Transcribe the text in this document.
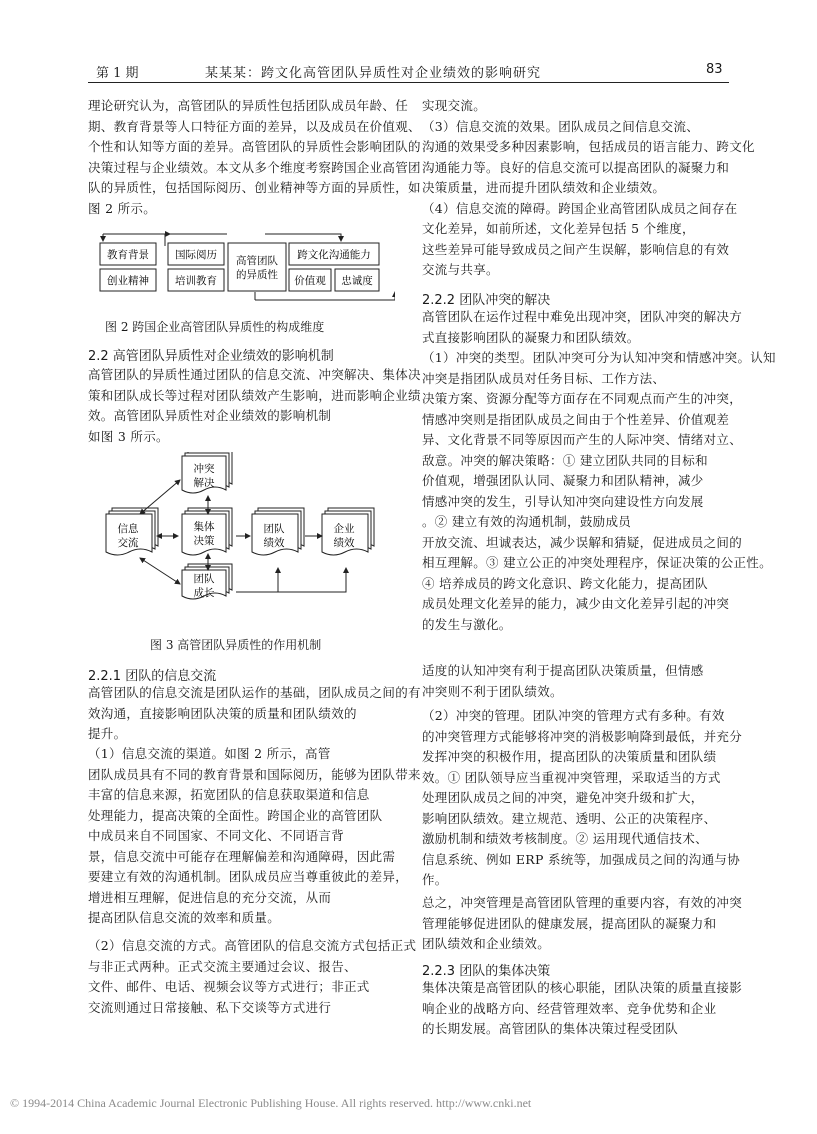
第 1 期	某某某：跨文化高管团队异质性对企业绩效的影响研究	83
理论研究认为，高管团队的异质性包括团队成员年龄、任
期、教育背景等人口特征方面的差异，以及成员在价值观、
个性和认知等方面的差异。高管团队的异质性会影响团队的
决策过程与企业绩效。本文从多个维度考察跨国企业高管团
队的异质性，包括国际阅历、创业精神等方面的异质性，如
图 2 所示。
教育背景
创业精神
国际阅历
培训教育
高管团队
的异质性
跨文化沟通能力
价值观 忠诚度
图 2 跨国企业高管团队异质性的构成维度
2.2 高管团队异质性对企业绩效的影响机制
高管团队的异质性通过团队的信息交流、冲突解决、集体决
策和团队成长等过程对团队绩效产生影响，进而影响企业绩
效。高管团队异质性对企业绩效的影响机制
如图 3 所示。
冲突
解决
信息
交流
集体
决策
团队
绩效
企业
绩效
团队
成长
图 3 高管团队异质性的作用机制
2.2.1 团队的信息交流
高管团队的信息交流是团队运作的基础，团队成员之间的有
效沟通，直接影响团队决策的质量和团队绩效的
提升。
（1）信息交流的渠道。如图 2 所示，高管
团队成员具有不同的教育背景和国际阅历，能够为团队带来
丰富的信息来源，拓宽团队的信息获取渠道和信息
处理能力，提高决策的全面性。跨国企业的高管团队
中成员来自不同国家、不同文化、不同语言背
景，信息交流中可能存在理解偏差和沟通障碍，因此需
要建立有效的沟通机制。团队成员应当尊重彼此的差异，
增进相互理解，促进信息的充分交流，从而
提高团队信息交流的效率和质量。
（2）信息交流的方式。高管团队的信息交流方式包括正式
与非正式两种。正式交流主要通过会议、报告、
文件、邮件、电话、视频会议等方式进行；非正式
交流则通过日常接触、私下交谈等方式进行
实现交流。
（3）信息交流的效果。团队成员之间信息交流、
沟通的效果受多种因素影响，包括成员的语言能力、跨文化
沟通能力等。良好的信息交流可以提高团队的凝聚力和
决策质量，进而提升团队绩效和企业绩效。
（4）信息交流的障碍。跨国企业高管团队成员之间存在
文化差异，如前所述，文化差异包括 5 个维度，
这些差异可能导致成员之间产生误解，影响信息的有效
交流与共享。
2.2.2 团队冲突的解决
高管团队在运作过程中难免出现冲突，团队冲突的解决方
式直接影响团队的凝聚力和团队绩效。
（1）冲突的类型。团队冲突可分为认知冲突和情感冲突。认知
冲突是指团队成员对任务目标、工作方法、
决策方案、资源分配等方面存在不同观点而产生的冲突，
情感冲突则是指团队成员之间由于个性差异、价值观差
异、文化背景不同等原因而产生的人际冲突、情绪对立、
敌意。冲突的解决策略：① 建立团队共同的目标和
价值观，增强团队认同、凝聚力和团队精神，减少
情感冲突的发生，引导认知冲突向建设性方向发展
。② 建立有效的沟通机制，鼓励成员
开放交流、坦诚表达，减少误解和猜疑，促进成员之间的
相互理解。③ 建立公正的冲突处理程序，保证决策的公正性。
④ 培养成员的跨文化意识、跨文化能力，提高团队
成员处理文化差异的能力，减少由文化差异引起的冲突
的发生与激化。
适度的认知冲突有利于提高团队决策质量，但情感
冲突则不利于团队绩效。
（2）冲突的管理。团队冲突的管理方式有多种。有效
的冲突管理方式能够将冲突的消极影响降到最低，并充分
发挥冲突的积极作用，提高团队的决策质量和团队绩
效。① 团队领导应当重视冲突管理，采取适当的方式
处理团队成员之间的冲突，避免冲突升级和扩大，
影响团队绩效。建立规范、透明、公正的决策程序、
激励机制和绩效考核制度。② 运用现代通信技术、
信息系统、例如 ERP 系统等，加强成员之间的沟通与协
作。
总之，冲突管理是高管团队管理的重要内容，有效的冲突
管理能够促进团队的健康发展，提高团队的凝聚力和
团队绩效和企业绩效。
2.2.3 团队的集体决策
集体决策是高管团队的核心职能，团队决策的质量直接影
响企业的战略方向、经营管理效率、竞争优势和企业
的长期发展。高管团队的集体决策过程受团队
© 1994-2014 China Academic Journal Electronic Publishing House. All rights reserved. http://www.cnki.net
